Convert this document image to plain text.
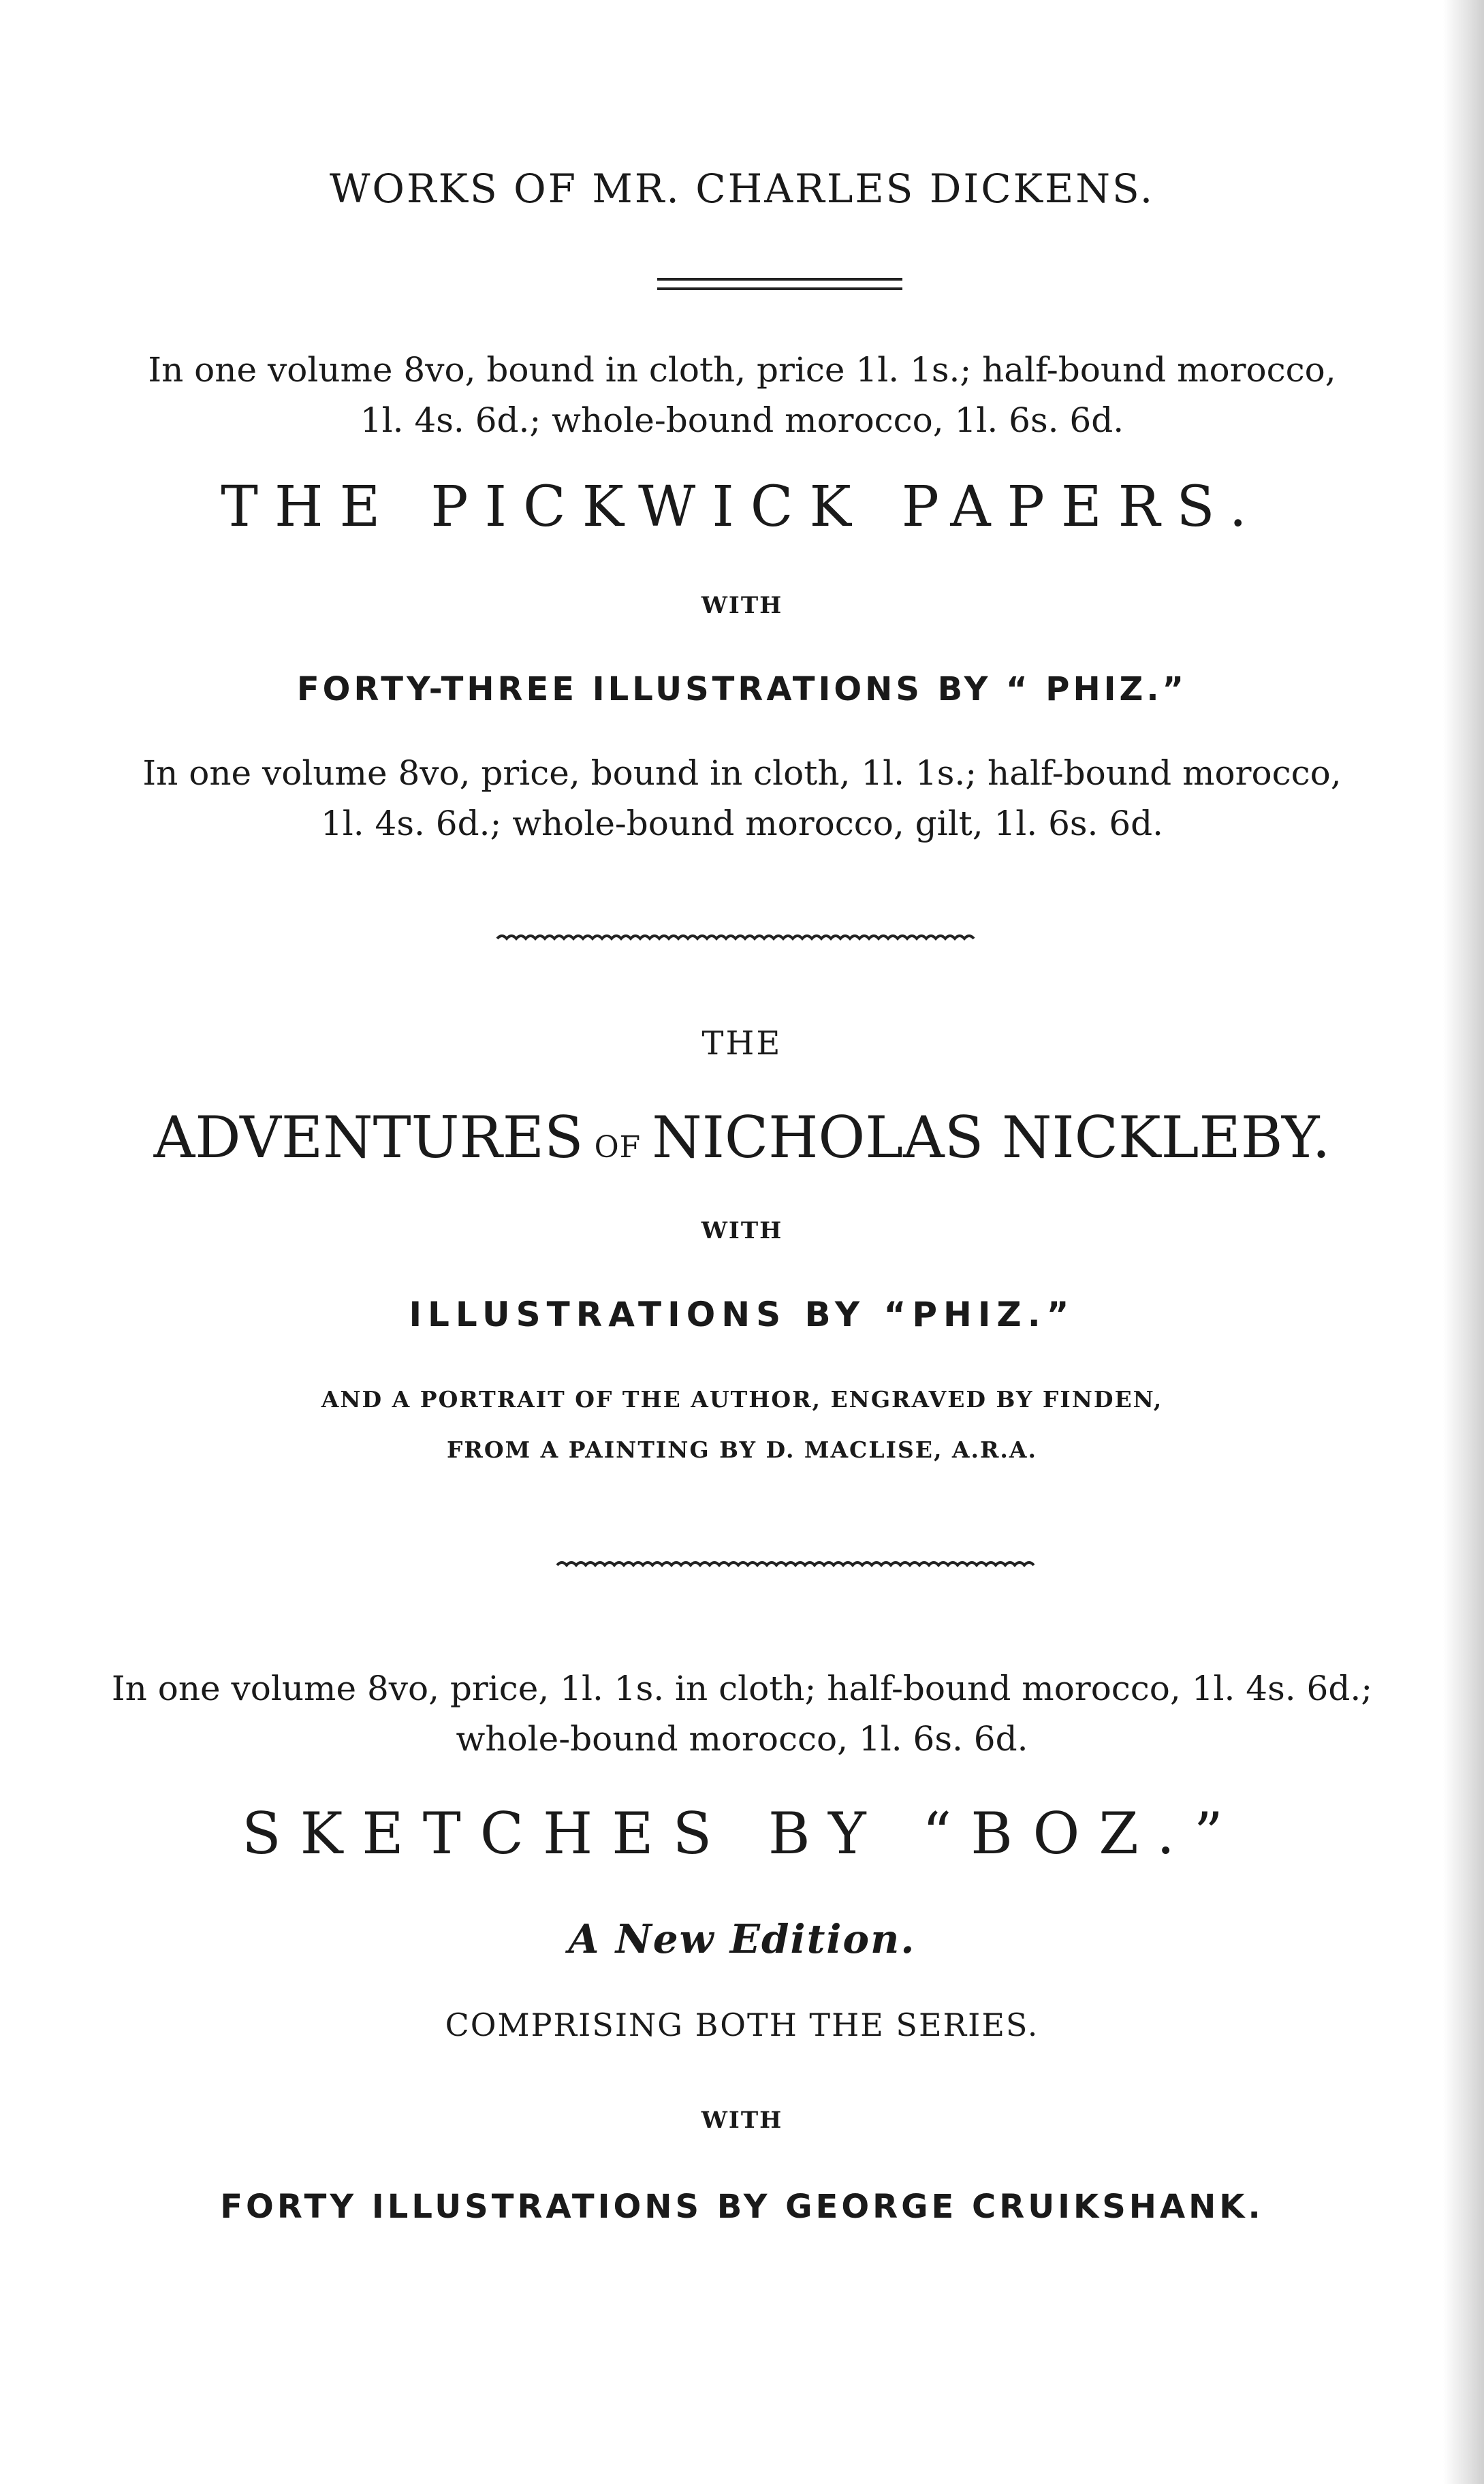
WORKS OF MR. CHARLES DICKENS.
In one volume 8vo, bound in cloth, price 1l. 1s.; half-bound morocco,
1l. 4s. 6d.; whole-bound morocco, 1l. 6s. 6d.
THE PICKWICK PAPERS.
WITH
FORTY-THREE ILLUSTRATIONS BY “ PHIZ.”
In one volume 8vo, price, bound in cloth, 1l. 1s.; half-bound morocco,
1l. 4s. 6d.; whole-bound morocco, gilt, 1l. 6s. 6d.
THE
ADVENTURES OF NICHOLAS NICKLEBY.
WITH
ILLUSTRATIONS BY “PHIZ.”
AND A PORTRAIT OF THE AUTHOR, ENGRAVED BY FINDEN,
FROM A PAINTING BY D. MACLISE, A.R.A.
In one volume 8vo, price, 1l. 1s. in cloth; half-bound morocco, 1l. 4s. 6d.;
whole-bound morocco, 1l. 6s. 6d.
SKETCHES BY “BOZ.”
A New Edition.
COMPRISING BOTH THE SERIES.
WITH
FORTY ILLUSTRATIONS BY GEORGE CRUIKSHANK.
